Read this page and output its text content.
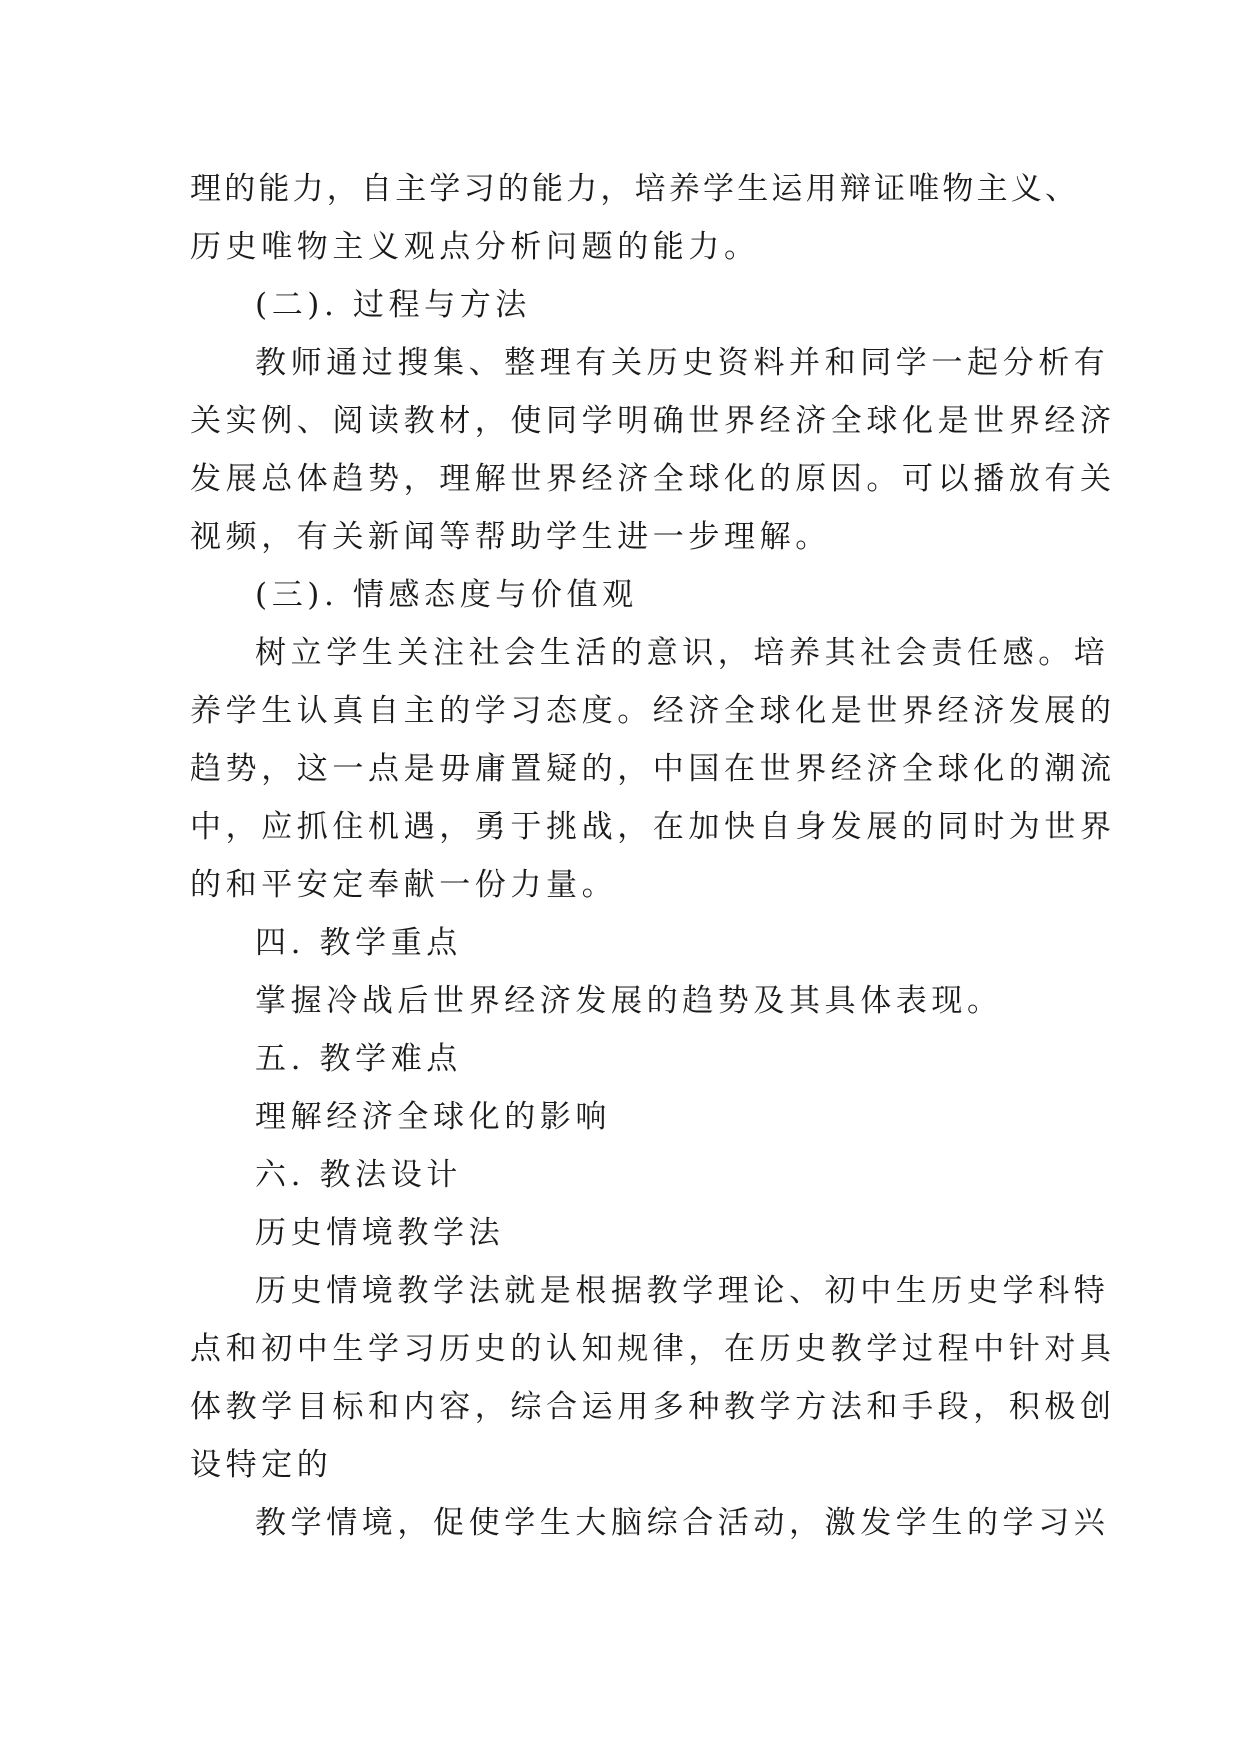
理的能力，自主学习的能力，培养学生运用辩证唯物主义、
历史唯物主义观点分析问题的能力。
(二). 过程与方法
教师通过搜集、整理有关历史资料并和同学一起分析有
关实例、阅读教材，使同学明确世界经济全球化是世界经济
发展总体趋势，理解世界经济全球化的原因。可以播放有关
视频，有关新闻等帮助学生进一步理解。
(三). 情感态度与价值观
树立学生关注社会生活的意识，培养其社会责任感。培
养学生认真自主的学习态度。经济全球化是世界经济发展的
趋势，这一点是毋庸置疑的，中国在世界经济全球化的潮流
中，应抓住机遇，勇于挑战，在加快自身发展的同时为世界
的和平安定奉献一份力量。
四. 教学重点
掌握冷战后世界经济发展的趋势及其具体表现。
五. 教学难点
理解经济全球化的影响
六. 教法设计
历史情境教学法
历史情境教学法就是根据教学理论、初中生历史学科特
点和初中生学习历史的认知规律，在历史教学过程中针对具
体教学目标和内容，综合运用多种教学方法和手段，积极创
设特定的
教学情境，促使学生大脑综合活动，激发学生的学习兴
